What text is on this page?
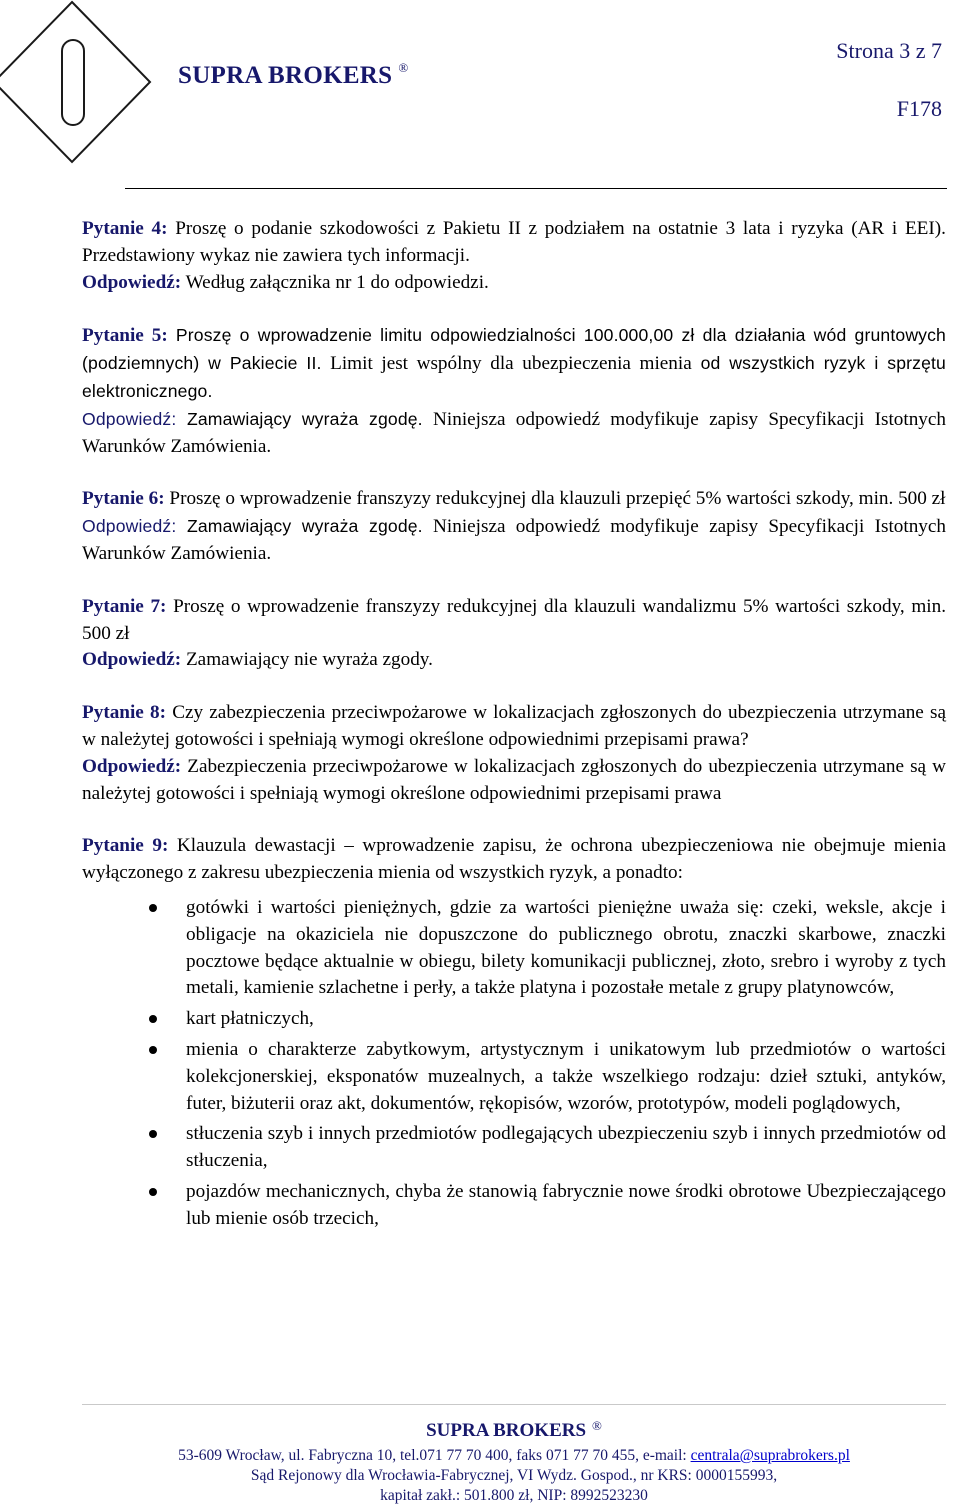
SUPRA BROKERS ®
Strona 3 z 7
F178

Pytanie 4: Proszę o podanie szkodowości z Pakietu II z podziałem na ostatnie 3 lata i ryzyka (AR i EEI). Przedstawiony wykaz nie zawiera tych informacji.

Odpowiedź: Według załącznika nr 1 do odpowiedzi.

Pytanie 5: Proszę o wprowadzenie limitu odpowiedzialności 100.000,00 zł dla działania wód gruntowych (podziemnych) w Pakiecie II. Limit jest wspólny dla ubezpieczenia mienia od wszystkich ryzyk i sprzętu elektronicznego.

Odpowiedź: Zamawiający wyraża zgodę. Niniejsza odpowiedź modyfikuje zapisy Specyfikacji Istotnych Warunków Zamówienia.

Pytanie 6: Proszę o wprowadzenie franszyzy redukcyjnej dla klauzuli przepięć 5% wartości szkody, min. 500 zł

Odpowiedź: Zamawiający wyraża zgodę. Niniejsza odpowiedź modyfikuje zapisy Specyfikacji Istotnych Warunków Zamówienia.

Pytanie 7: Proszę o wprowadzenie franszyzy redukcyjnej dla klauzuli wandalizmu 5% wartości szkody, min. 500 zł

Odpowiedź: Zamawiający nie wyraża zgody.

Pytanie 8: Czy zabezpieczenia przeciwpożarowe w lokalizacjach zgłoszonych do ubezpieczenia utrzymane są w należytej gotowości i spełniają wymogi określone odpowiednimi przepisami prawa?

Odpowiedź: Zabezpieczenia przeciwpożarowe w lokalizacjach zgłoszonych do ubezpieczenia utrzymane są w należytej gotowości i spełniają wymogi określone odpowiednimi przepisami prawa

Pytanie 9: Klauzula dewastacji – wprowadzenie zapisu, że ochrona ubezpieczeniowa nie obejmuje mienia wyłączonego z zakresu ubezpieczenia mienia od wszystkich ryzyk, a ponadto:

gotówki i wartości pieniężnych, gdzie za wartości pieniężne uważa się: czeki, weksle, akcje i obligacje na okaziciela nie dopuszczone do publicznego obrotu, znaczki skarbowe, znaczki pocztowe będące aktualnie w obiegu, bilety komunikacji publicznej, złoto, srebro i wyroby z tych metali, kamienie szlachetne i perły, a także platyna i pozostałe metale z grupy platynowców,
kart płatniczych,
mienia o charakterze zabytkowym, artystycznym i unikatowym lub przedmiotów o wartości kolekcjonerskiej, eksponatów muzealnych, a także wszelkiego rodzaju: dzieł sztuki, antyków, futer, biżuterii oraz akt, dokumentów, rękopisów, wzorów, prototypów, modeli poglądowych,
stłuczenia szyb i innych przedmiotów podlegających ubezpieczeniu szyb i innych przedmiotów od stłuczenia,
pojazdów mechanicznych, chyba że stanowią fabrycznie nowe środki obrotowe Ubezpieczającego lub mienie osób trzecich,
SUPRA BROKERS ®
53-609 Wrocław, ul. Fabryczna 10, tel.071 77 70 400, faks 071 77 70 455, e-mail: centrala@suprabrokers.pl
Sąd Rejonowy dla Wrocławia-Fabrycznej, VI Wydz. Gospod., nr KRS: 0000155993,
kapitał zakł.: 501.800 zł, NIP: 8992523230
